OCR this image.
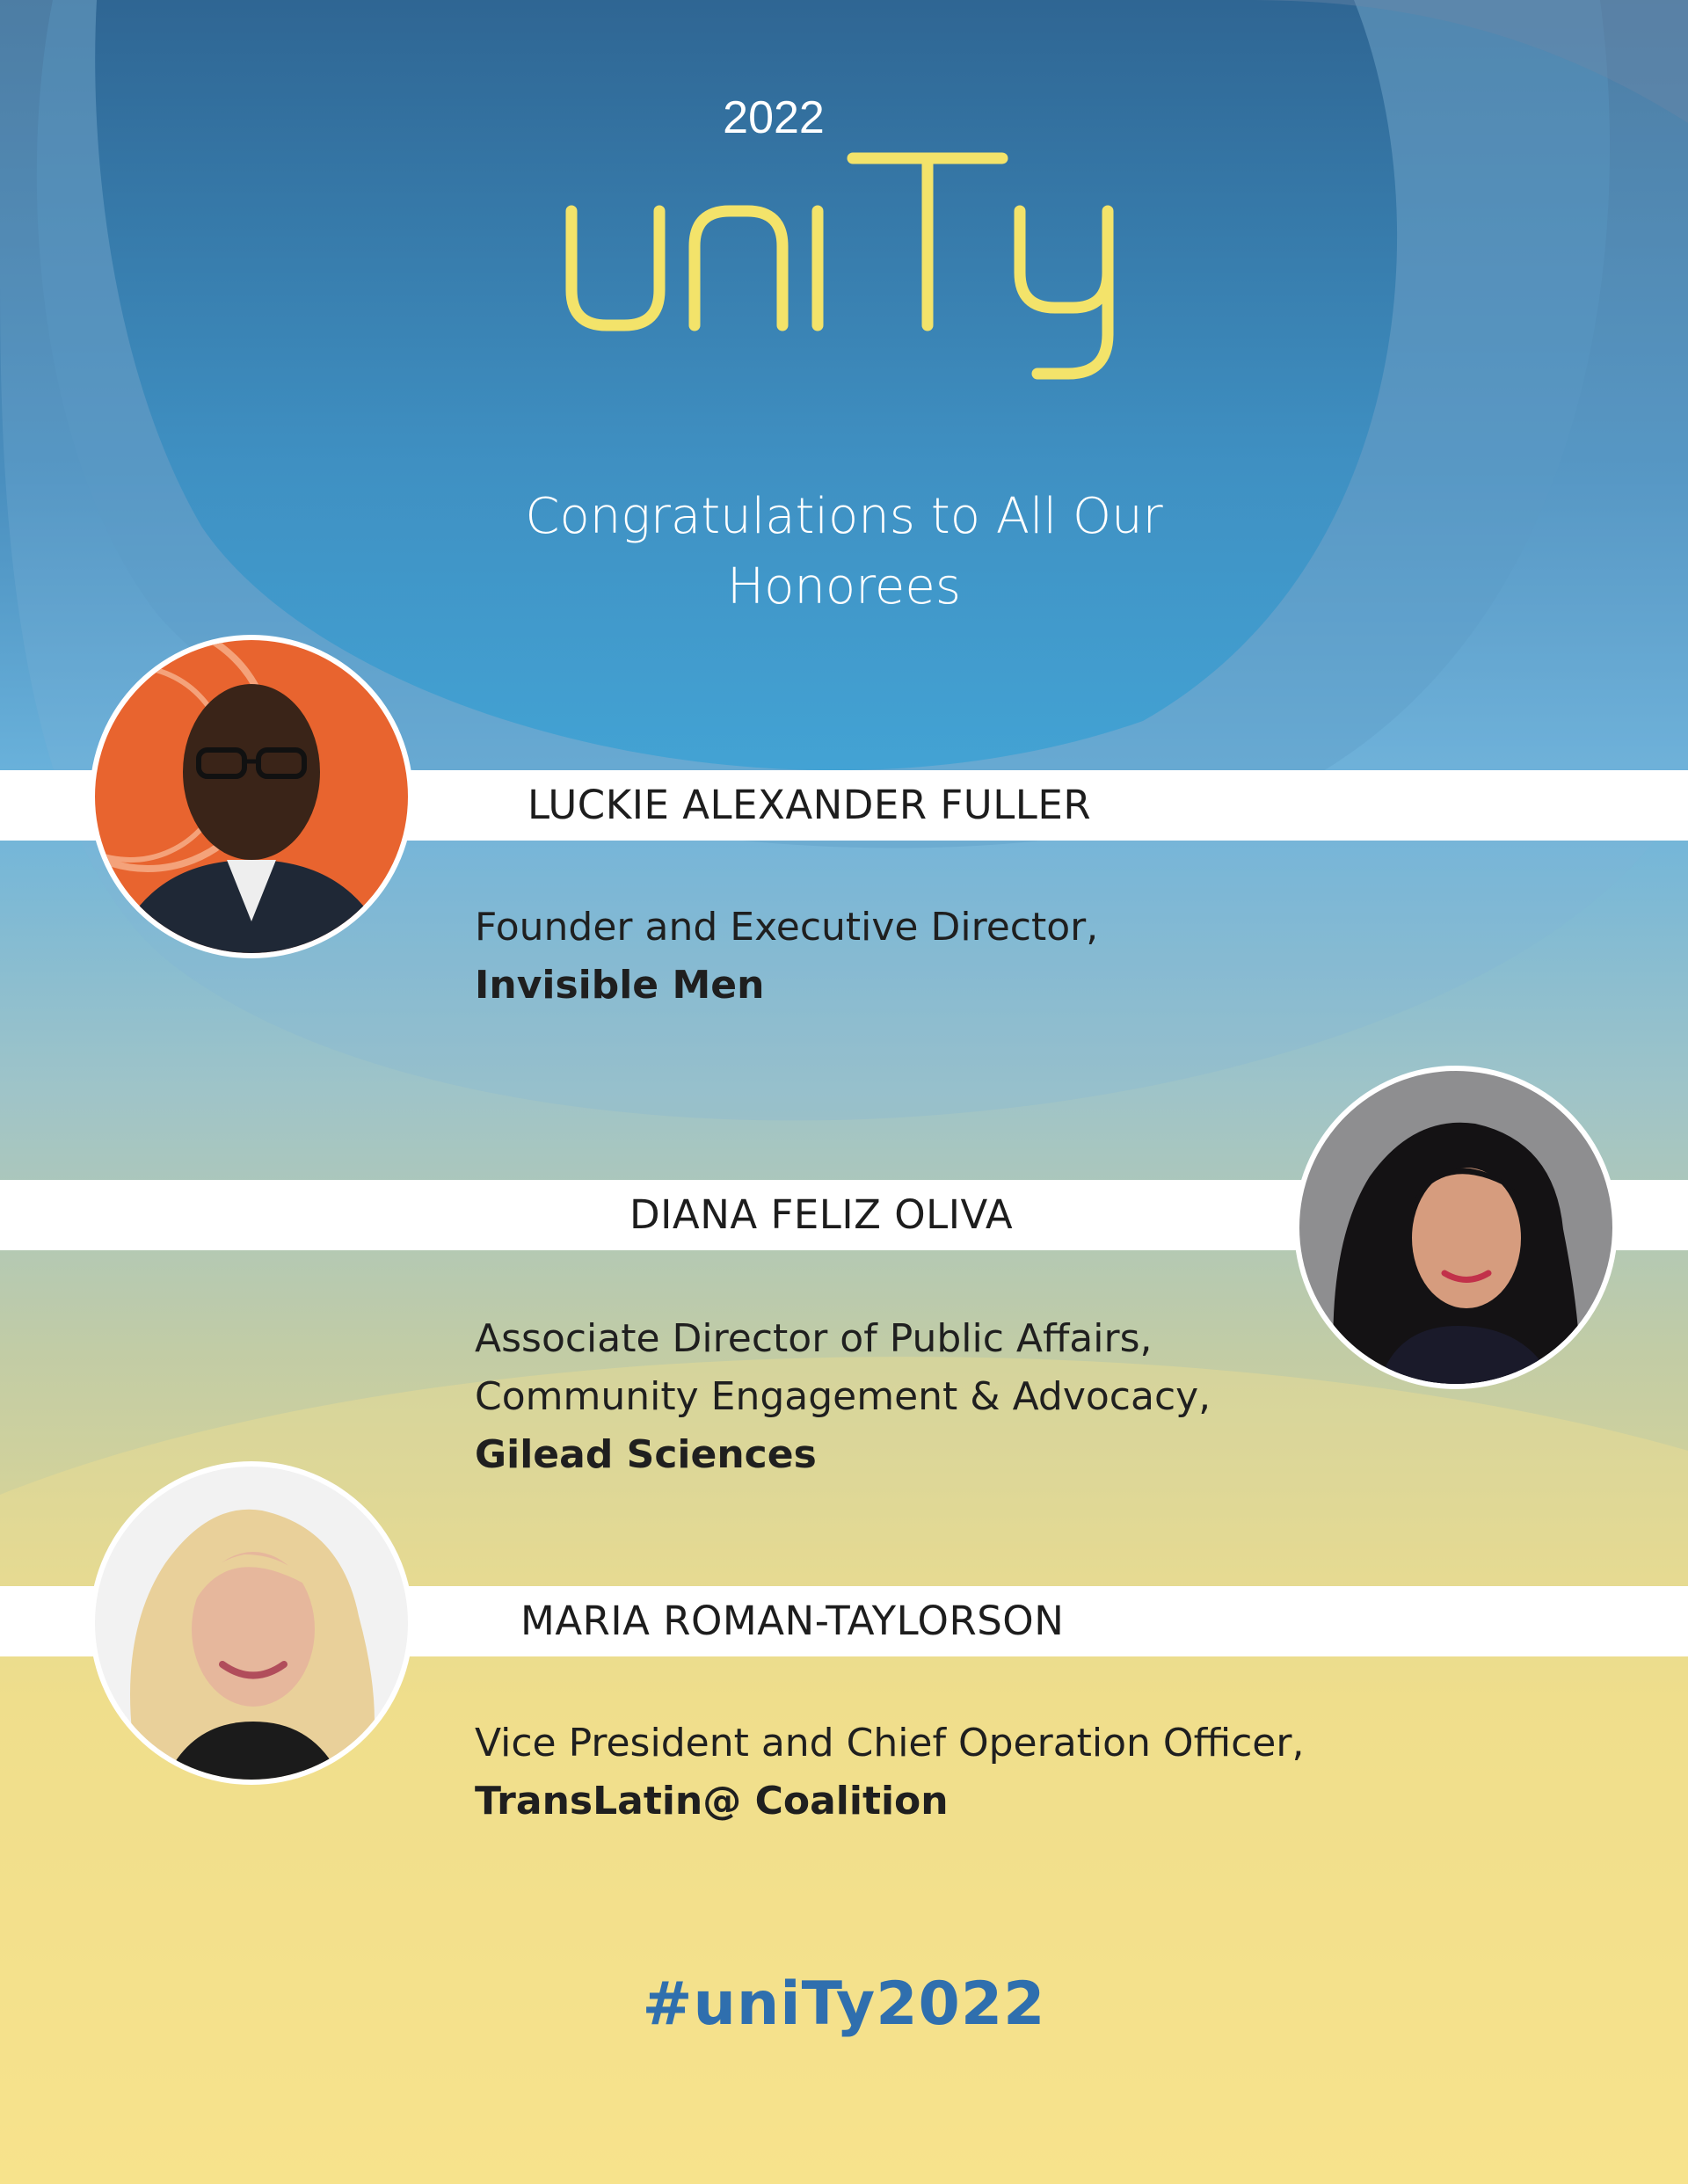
2022
Congratulations to All Our
Honorees
LUCKIE ALEXANDER FULLER
Founder and Executive Director,
Invisible Men
DIANA FELIZ OLIVA
Associate Director of Public Affairs,
Community Engagement & Advocacy,
Gilead Sciences
MARIA ROMAN-TAYLORSON
Vice President and Chief Operation Officer,
TransLatin@ Coalition
#uniTy2022
